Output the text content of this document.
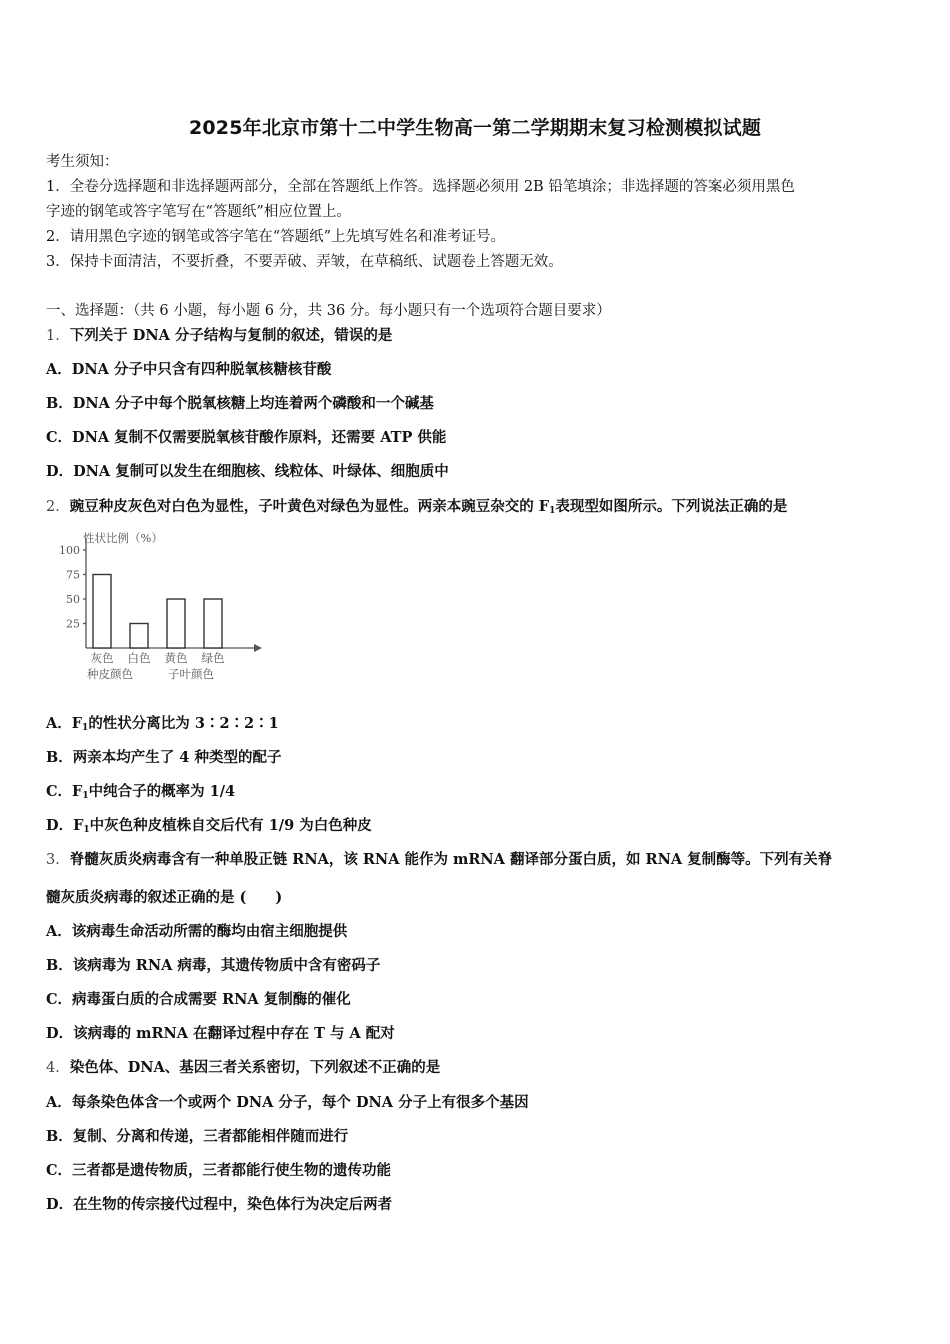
2025年北京市第十二中学生物高一第二学期期末复习检测模拟试题
考生须知：
1．全卷分选择题和非选择题两部分，全部在答题纸上作答。选择题必须用 2B 铅笔填涂；非选择题的答案必须用黑色
字迹的钢笔或答字笔写在“答题纸”相应位置上。
2．请用黑色字迹的钢笔或答字笔在“答题纸”上先填写姓名和准考证号。
3．保持卡面清洁，不要折叠，不要弄破、弄皱，在草稿纸、试题卷上答题无效。
一、选择题：（共 6 小题，每小题 6 分，共 36 分。每小题只有一个选项符合题目要求）
1．下列关于 DNA 分子结构与复制的叙述，错误的是
A．DNA 分子中只含有四种脱氧核糖核苷酸
B．DNA 分子中每个脱氧核糖上均连着两个磷酸和一个碱基
C．DNA 复制不仅需要脱氧核苷酸作原料，还需要 ATP 供能
D．DNA 复制可以发生在细胞核、线粒体、叶绿体、细胞质中
2．豌豆种皮灰色对白色为显性，子叶黄色对绿色为显性。两亲本豌豆杂交的 $F_1$表现型如图所示。下列说法正确的是
性状比例（%）
25
50
75
100
灰色 白色 黄色 绿色
种皮颜色	子叶颜色
A．$F_1$的性状分离比为 3∶2∶2∶1
B．两亲本均产生了 4 种类型的配子
C．$F_1$中纯合子的概率为 1/4
D．$F_1$中灰色种皮植株自交后代有 1/9 为白色种皮
3．脊髓灰质炎病毒含有一种单股正链 RNA，该 RNA 能作为 mRNA 翻译部分蛋白质，如 RNA 复制酶等。下列有关脊
髓灰质炎病毒的叙述正确的是 (　　)
A．该病毒生命活动所需的酶均由宿主细胞提供
B．该病毒为 RNA 病毒，其遗传物质中含有密码子
C．病毒蛋白质的合成需要 RNA 复制酶的催化
D．该病毒的 mRNA 在翻译过程中存在 T 与 A 配对
4．染色体、DNA、基因三者关系密切，下列叙述不正确的是
A．每条染色体含一个或两个 DNA 分子，每个 DNA 分子上有很多个基因
B．复制、分离和传递，三者都能相伴随而进行
C．三者都是遗传物质，三者都能行使生物的遗传功能
D．在生物的传宗接代过程中，染色体行为决定后两者
